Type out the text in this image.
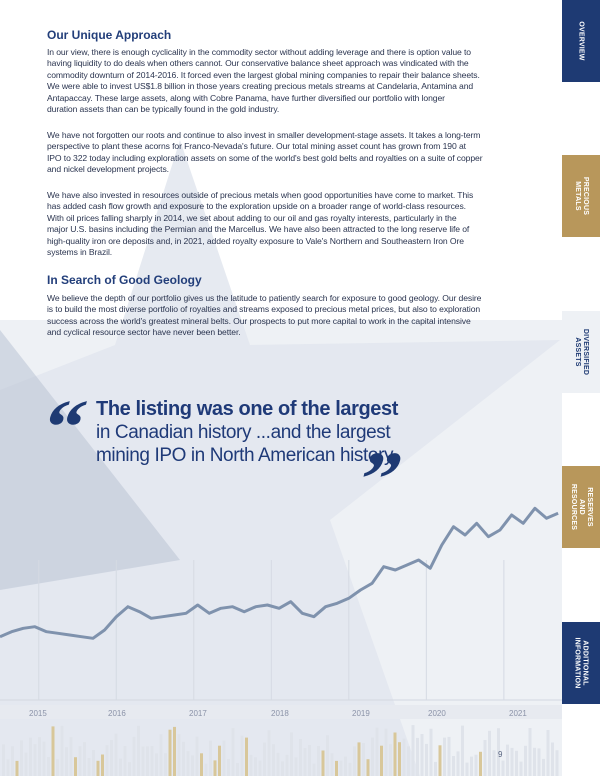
Our Unique Approach

In our view, there is enough cyclicality in the commodity sector without adding leverage and there is option value to
having liquidity to do deals when others cannot. Our conservative balance sheet approach was vindicated with the
commodity downturn of 2014-2016. It forced even the largest global mining companies to repair their balance sheets.
We were able to invest US$1.8 billion in those years creating precious metals streams at Candelaria, Antamina and
Antapaccay. These large assets, along with Cobre Panama, have further diversified our portfolio with longer
duration assets than can be typically found in the gold industry.

We have not forgotten our roots and continue to also invest in smaller development-stage assets. It takes a long-term
perspective to plant these acorns for Franco-Nevada's future. Our total mining asset count has grown from 190 at
IPO to 322 today including exploration assets on some of the world's best gold belts and royalties on a suite of copper
and nickel development projects.

We have also invested in resources outside of precious metals when good opportunities have come to market. This
has added cash flow growth and exposure to the exploration upside on a broader range of world-class resources.
With oil prices falling sharply in 2014, we set about adding to our oil and gas royalty interests, particularly in the
major U.S. basins including the Permian and the Marcellus. We have also been attracted to the long reserve life of
high-quality iron ore deposits and, in 2021, added royalty exposure to Vale's Northern and Southeastern Iron Ore
systems in Brazil.

In Search of Good Geology

We believe the depth of our portfolio gives us the latitude to patiently search for exposure to good geology. Our desire
is to build the most diverse portfolio of royalties and streams exposed to precious metal prices, but also to exploration
success across the world's greatest mineral belts. Our prospects to put more capital to work in the capital intensive
and cyclical resource sector have never been better.

“ The listing was one of the largest
in Canadian history ...and the largest
mining IPO in North American history.
”
2015	2016	2017	2018	2019	2020	2021
9
OVERVIEW
PRECIOUS METALS
DIVERSIFIED ASSETS
RESERVES AND RESOURCES
ADDITIONAL INFORMATION
